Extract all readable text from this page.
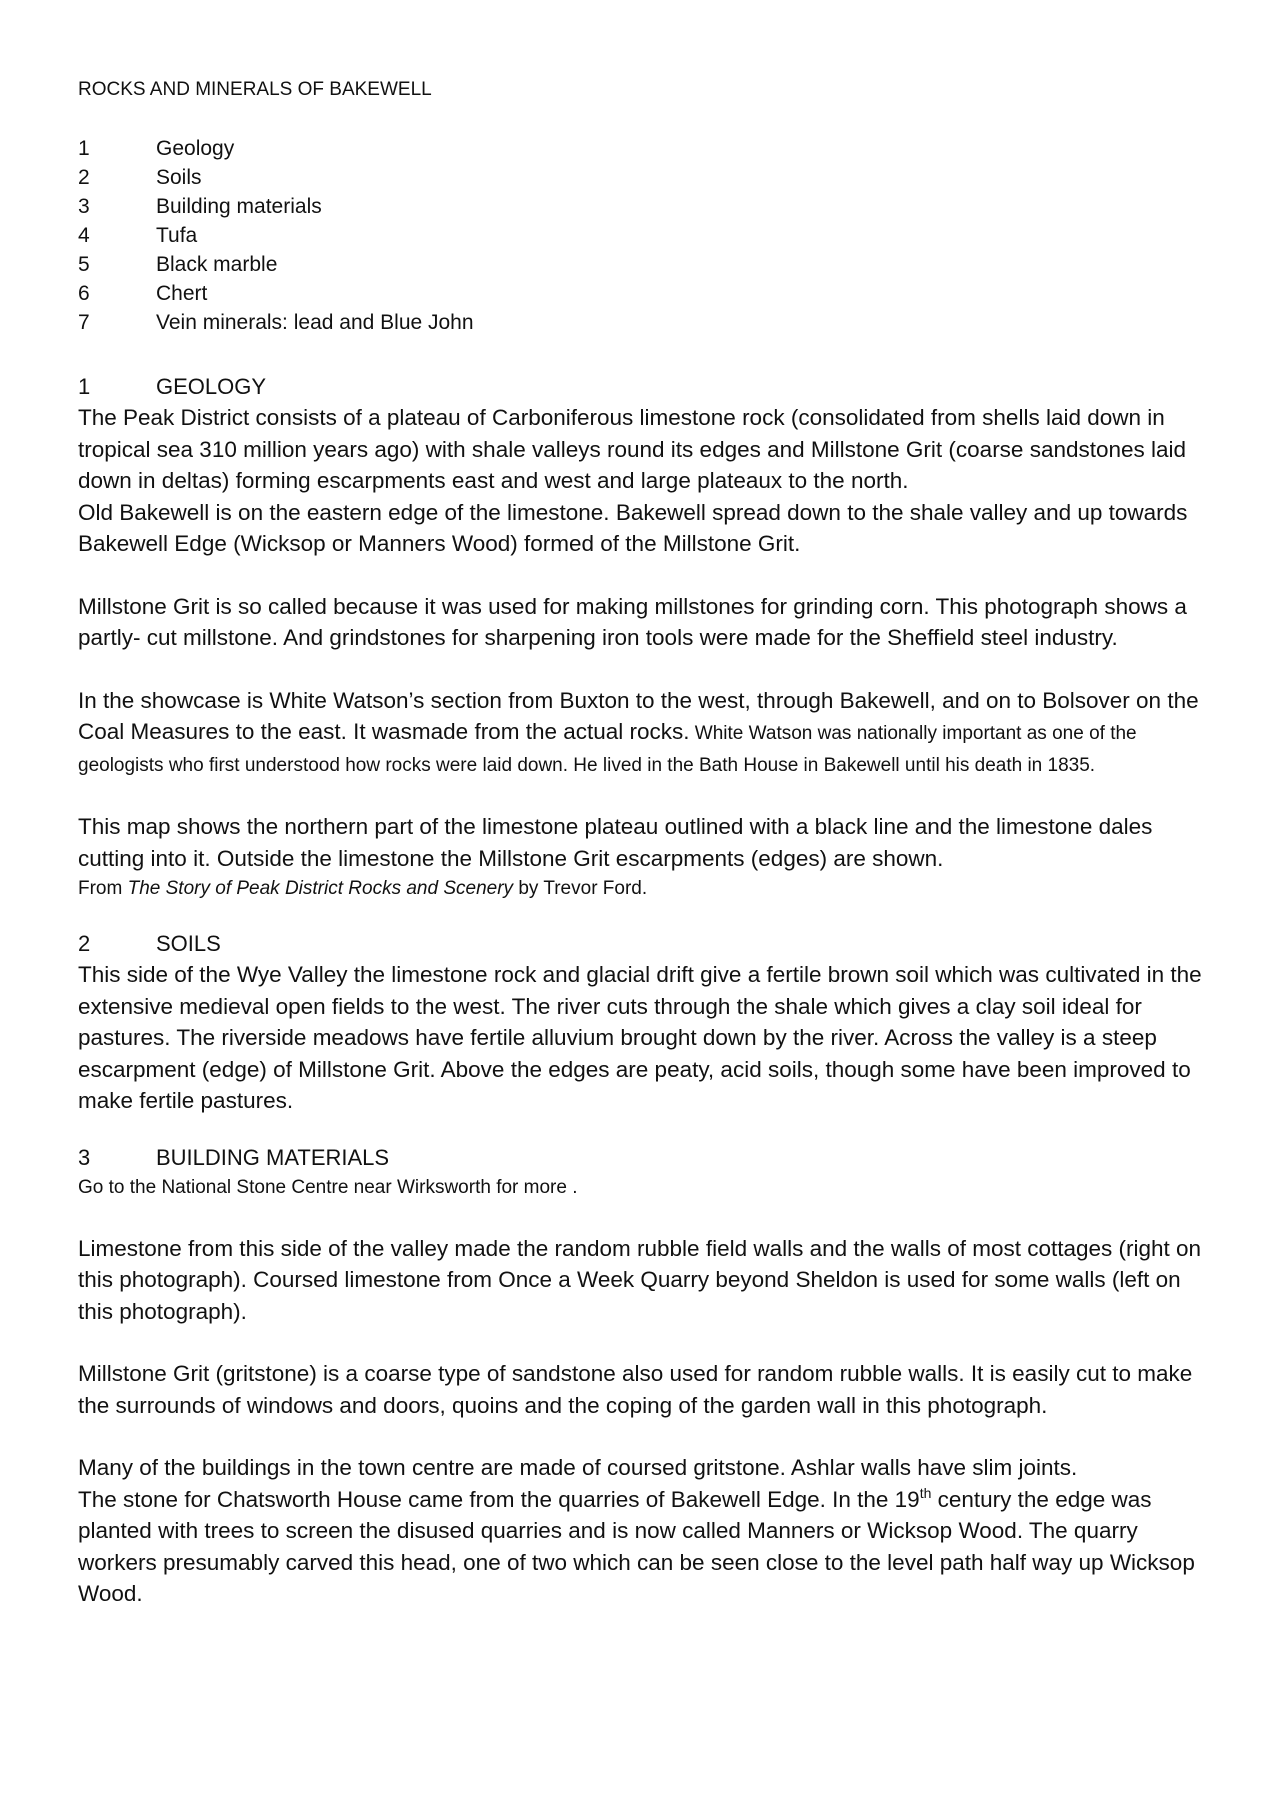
ROCKS AND MINERALS OF BAKEWELL
1	Geology
2	Soils
3	Building materials
4	Tufa
5	Black marble
6	Chert
7	Vein minerals: lead and Blue John
1	GEOLOGY

The Peak District consists of a plateau of Carboniferous limestone rock (consolidated from shells laid down in tropical sea 310 million years ago) with shale valleys round its edges and Millstone Grit (coarse sandstones laid down in deltas) forming escarpments east and west and large plateaux to the north.

Old Bakewell is on the eastern edge of the limestone. Bakewell spread down to the shale valley and up towards Bakewell Edge (Wicksop or Manners Wood) formed of the Millstone Grit.

Millstone Grit is so called because it was used for making millstones for grinding corn. This photograph shows a partly- cut millstone. And grindstones for sharpening iron tools were made for the Sheffield steel industry.

In the showcase is White Watson’s section from Buxton to the west, through Bakewell, and on to Bolsover on the Coal Measures to the east. It wasmade from the actual rocks. White Watson was nationally important as one of the geologists who first understood how rocks were laid down. He lived in the Bath House in Bakewell until his death in 1835.

This map shows the northern part of the limestone plateau outlined with a black line and the limestone dales cutting into it. Outside the limestone the Millstone Grit escarpments (edges) are shown.

From The Story of Peak District Rocks and Scenery by Trevor Ford.

2	SOILS

This side of the Wye Valley the limestone rock and glacial drift give a fertile brown soil which was cultivated in the extensive medieval open fields to the west. The river cuts through the shale which gives a clay soil ideal for pastures. The riverside meadows have fertile alluvium brought down by the river. Across the valley is a steep escarpment (edge) of Millstone Grit. Above the edges are peaty, acid soils, though some have been improved to make fertile pastures.

3	BUILDING MATERIALS

Go to the National Stone Centre near Wirksworth for more .

Limestone from this side of the valley made the random rubble field walls and the walls of most cottages (right on this photograph). Coursed limestone from Once a Week Quarry beyond Sheldon is used for some walls (left on this photograph).

Millstone Grit (gritstone) is a coarse type of sandstone also used for random rubble walls. It is easily cut to make the surrounds of windows and doors, quoins and the coping of the garden wall in this photograph.

Many of the buildings in the town centre are made of coursed gritstone. Ashlar walls have slim joints.

The stone for Chatsworth House came from the quarries of Bakewell Edge. In the 19th century the edge was planted with trees to screen the disused quarries and is now called Manners or Wicksop Wood. The quarry workers presumably carved this head, one of two which can be seen close to the level path half way up Wicksop Wood.
